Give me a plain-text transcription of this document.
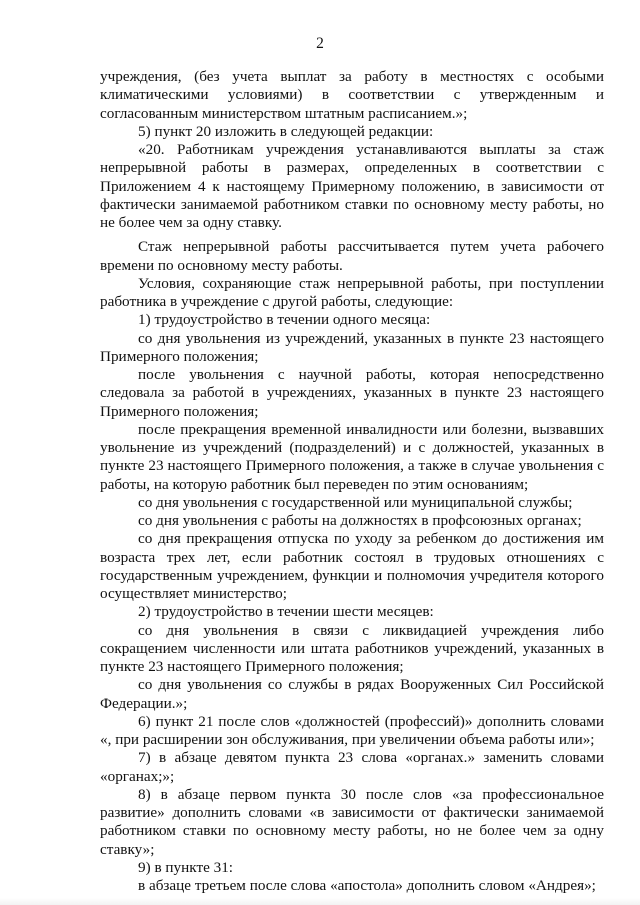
2

учреждения, (без учета выплат за работу в местностях с особыми климатическими условиями) в соответствии с утвержденным и согласованным министерством штатным расписанием.»;

5) пункт 20 изложить в следующей редакции:

«20. Работникам учреждения устанавливаются выплаты за стаж непрерывной работы в размерах, определенных в соответствии с Приложением 4 к настоящему Примерному положению, в зависимости от фактически занимаемой работником ставки по основному месту работы, но не более чем за одну ставку.

Стаж непрерывной работы рассчитывается путем учета рабочего времени по основному месту работы.

Условия, сохраняющие стаж непрерывной работы, при поступлении работника в учреждение с другой работы, следующие:

1) трудоустройство в течении одного месяца:

со дня увольнения из учреждений, указанных в пункте 23 настоящего Примерного положения;

после увольнения с научной работы, которая непосредственно следовала за работой в учреждениях, указанных в пункте 23 настоящего Примерного положения;

после прекращения временной инвалидности или болезни, вызвавших увольнение из учреждений (подразделений) и с должностей, указанных в пункте 23 настоящего Примерного положения, а также в случае увольнения с работы, на которую работник был переведен по этим основаниям;

со дня увольнения с государственной или муниципальной службы;

со дня увольнения с работы на должностях в профсоюзных органах;

со дня прекращения отпуска по уходу за ребенком до достижения им возраста трех лет, если работник состоял в трудовых отношениях с государственным учреждением, функции и полномочия учредителя которого осуществляет министерство;

2) трудоустройство в течении шести месяцев:

со дня увольнения в связи с ликвидацией учреждения либо сокращением численности или штата работников учреждений, указанных в пункте 23 настоящего Примерного положения;

со дня увольнения со службы в рядах Вооруженных Сил Российской Федерации.»;

6) пункт 21 после слов «должностей (профессий)» дополнить словами «, при расширении зон обслуживания, при увеличении объема работы или»;

7) в абзаце девятом пункта 23 слова «органах.» заменить словами «органах;»;

8) в абзаце первом пункта 30 после слов «за профессиональное развитие» дополнить словами «в зависимости от фактически занимаемой работником ставки по основному месту работы, но не более чем за одну ставку»;

9) в пункте 31:

в абзаце третьем после слова «апостола» дополнить словом «Андрея»;
